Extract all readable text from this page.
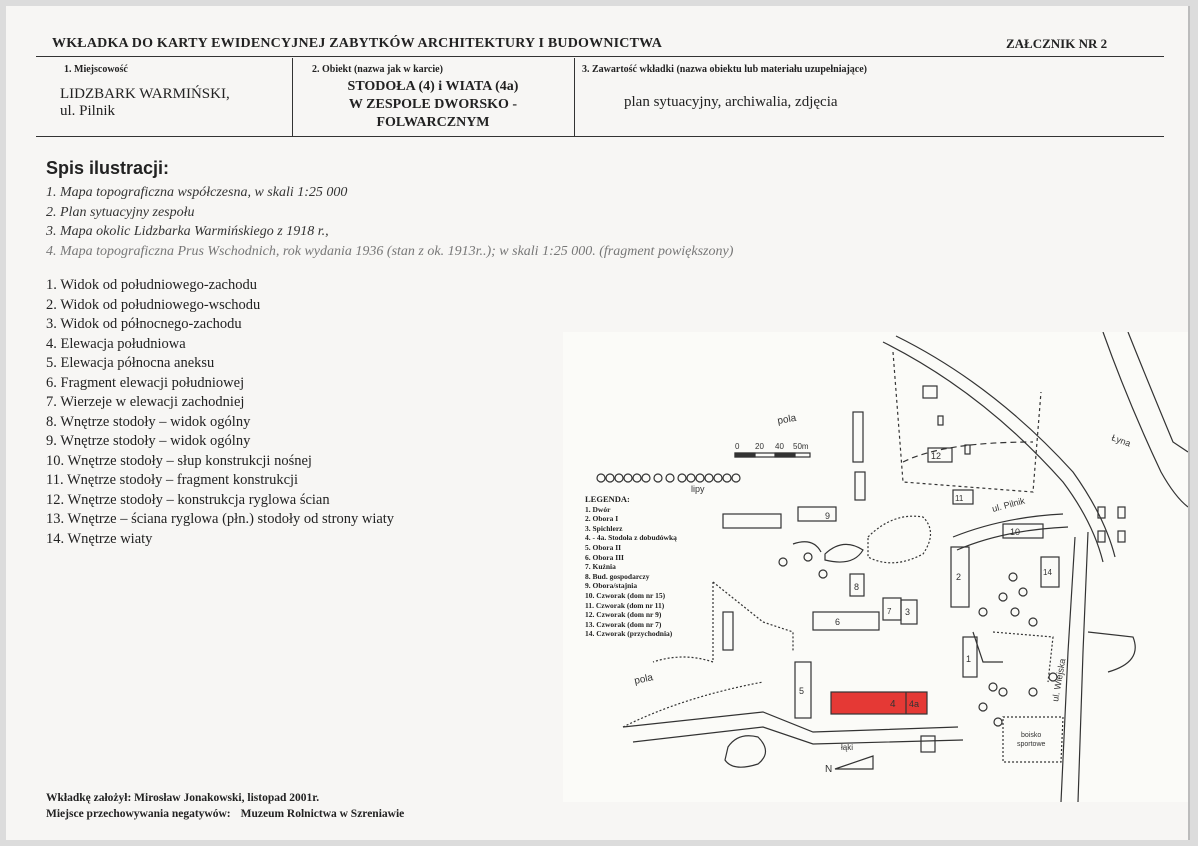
WKŁADKA DO KARTY EWIDENCYJNEJ ZABYTKÓW ARCHITEKTURY I BUDOWNICTWA	ZAŁCZNIK NR 2
1. Miejscowość
LIDZBARK WARMIŃSKI,
ul. Pilnik
2. Obiekt (nazwa jak w karcie)
STODOŁA (4) i WIATA (4a)
W ZESPOLE DWORSKO -
FOLWARCZNYM
3. Zawartość wkładki (nazwa obiektu lub materiału uzupełniające)
plan sytuacyjny, archiwalia, zdjęcia
Spis ilustracji:
1. Mapa topograficzna współczesna, w skali 1:25 000
2. Plan sytuacyjny zespołu
3. Mapa okolic Lidzbarka Warmińskiego z 1918 r.,
4. Mapa topograficzna Prus Wschodnich, rok wydania 1936 (stan z ok. 1913r..); w skali 1:25 000. (fragment powiększony)
1. Widok od południowego-zachodu
2. Widok od południowego-wschodu
3. Widok od północnego-zachodu
4. Elewacja południowa
5. Elewacja północna aneksu
6. Fragment elewacji południowej
7. Wierzeje w elewacji zachodniej
8. Wnętrze stodoły – widok ogólny
9. Wnętrze stodoły – widok ogólny
10. Wnętrze stodoły – słup konstrukcji nośnej
11. Wnętrze stodoły – fragment konstrukcji
12. Wnętrze stodoły – konstrukcja ryglowa ścian
13. Wnętrze – ściana ryglowa (płn.) stodoły od strony wiaty
14. Wnętrze wiaty
Wkładkę założył: Mirosław Jonakowski, listopad 2001r.
Miejsce przechowywania negatywów: Muzeum Rolnictwa w Szreniawie
Łyna
ul. Wiejska
12
11
pola
0 20 40 50m
lipy
9
10
ul. Pilnik
2	14
8
7 3
6
1
5
4 4a
pola
łąki
boisko
sportowe
N
LEGENDA:
1. Dwór
2. Obora I
3. Spichlerz
4. - 4a. Stodoła z dobudówką
5. Obora II
6. Obora III
7. Kuźnia
8. Bud. gospodarczy
9. Obora/stajnia
10. Czworak (dom nr 15)
11. Czworak (dom nr 11)
12. Czworak (dom nr 9)
13. Czworak (dom nr 7)
14. Czworak (przychodnia)
